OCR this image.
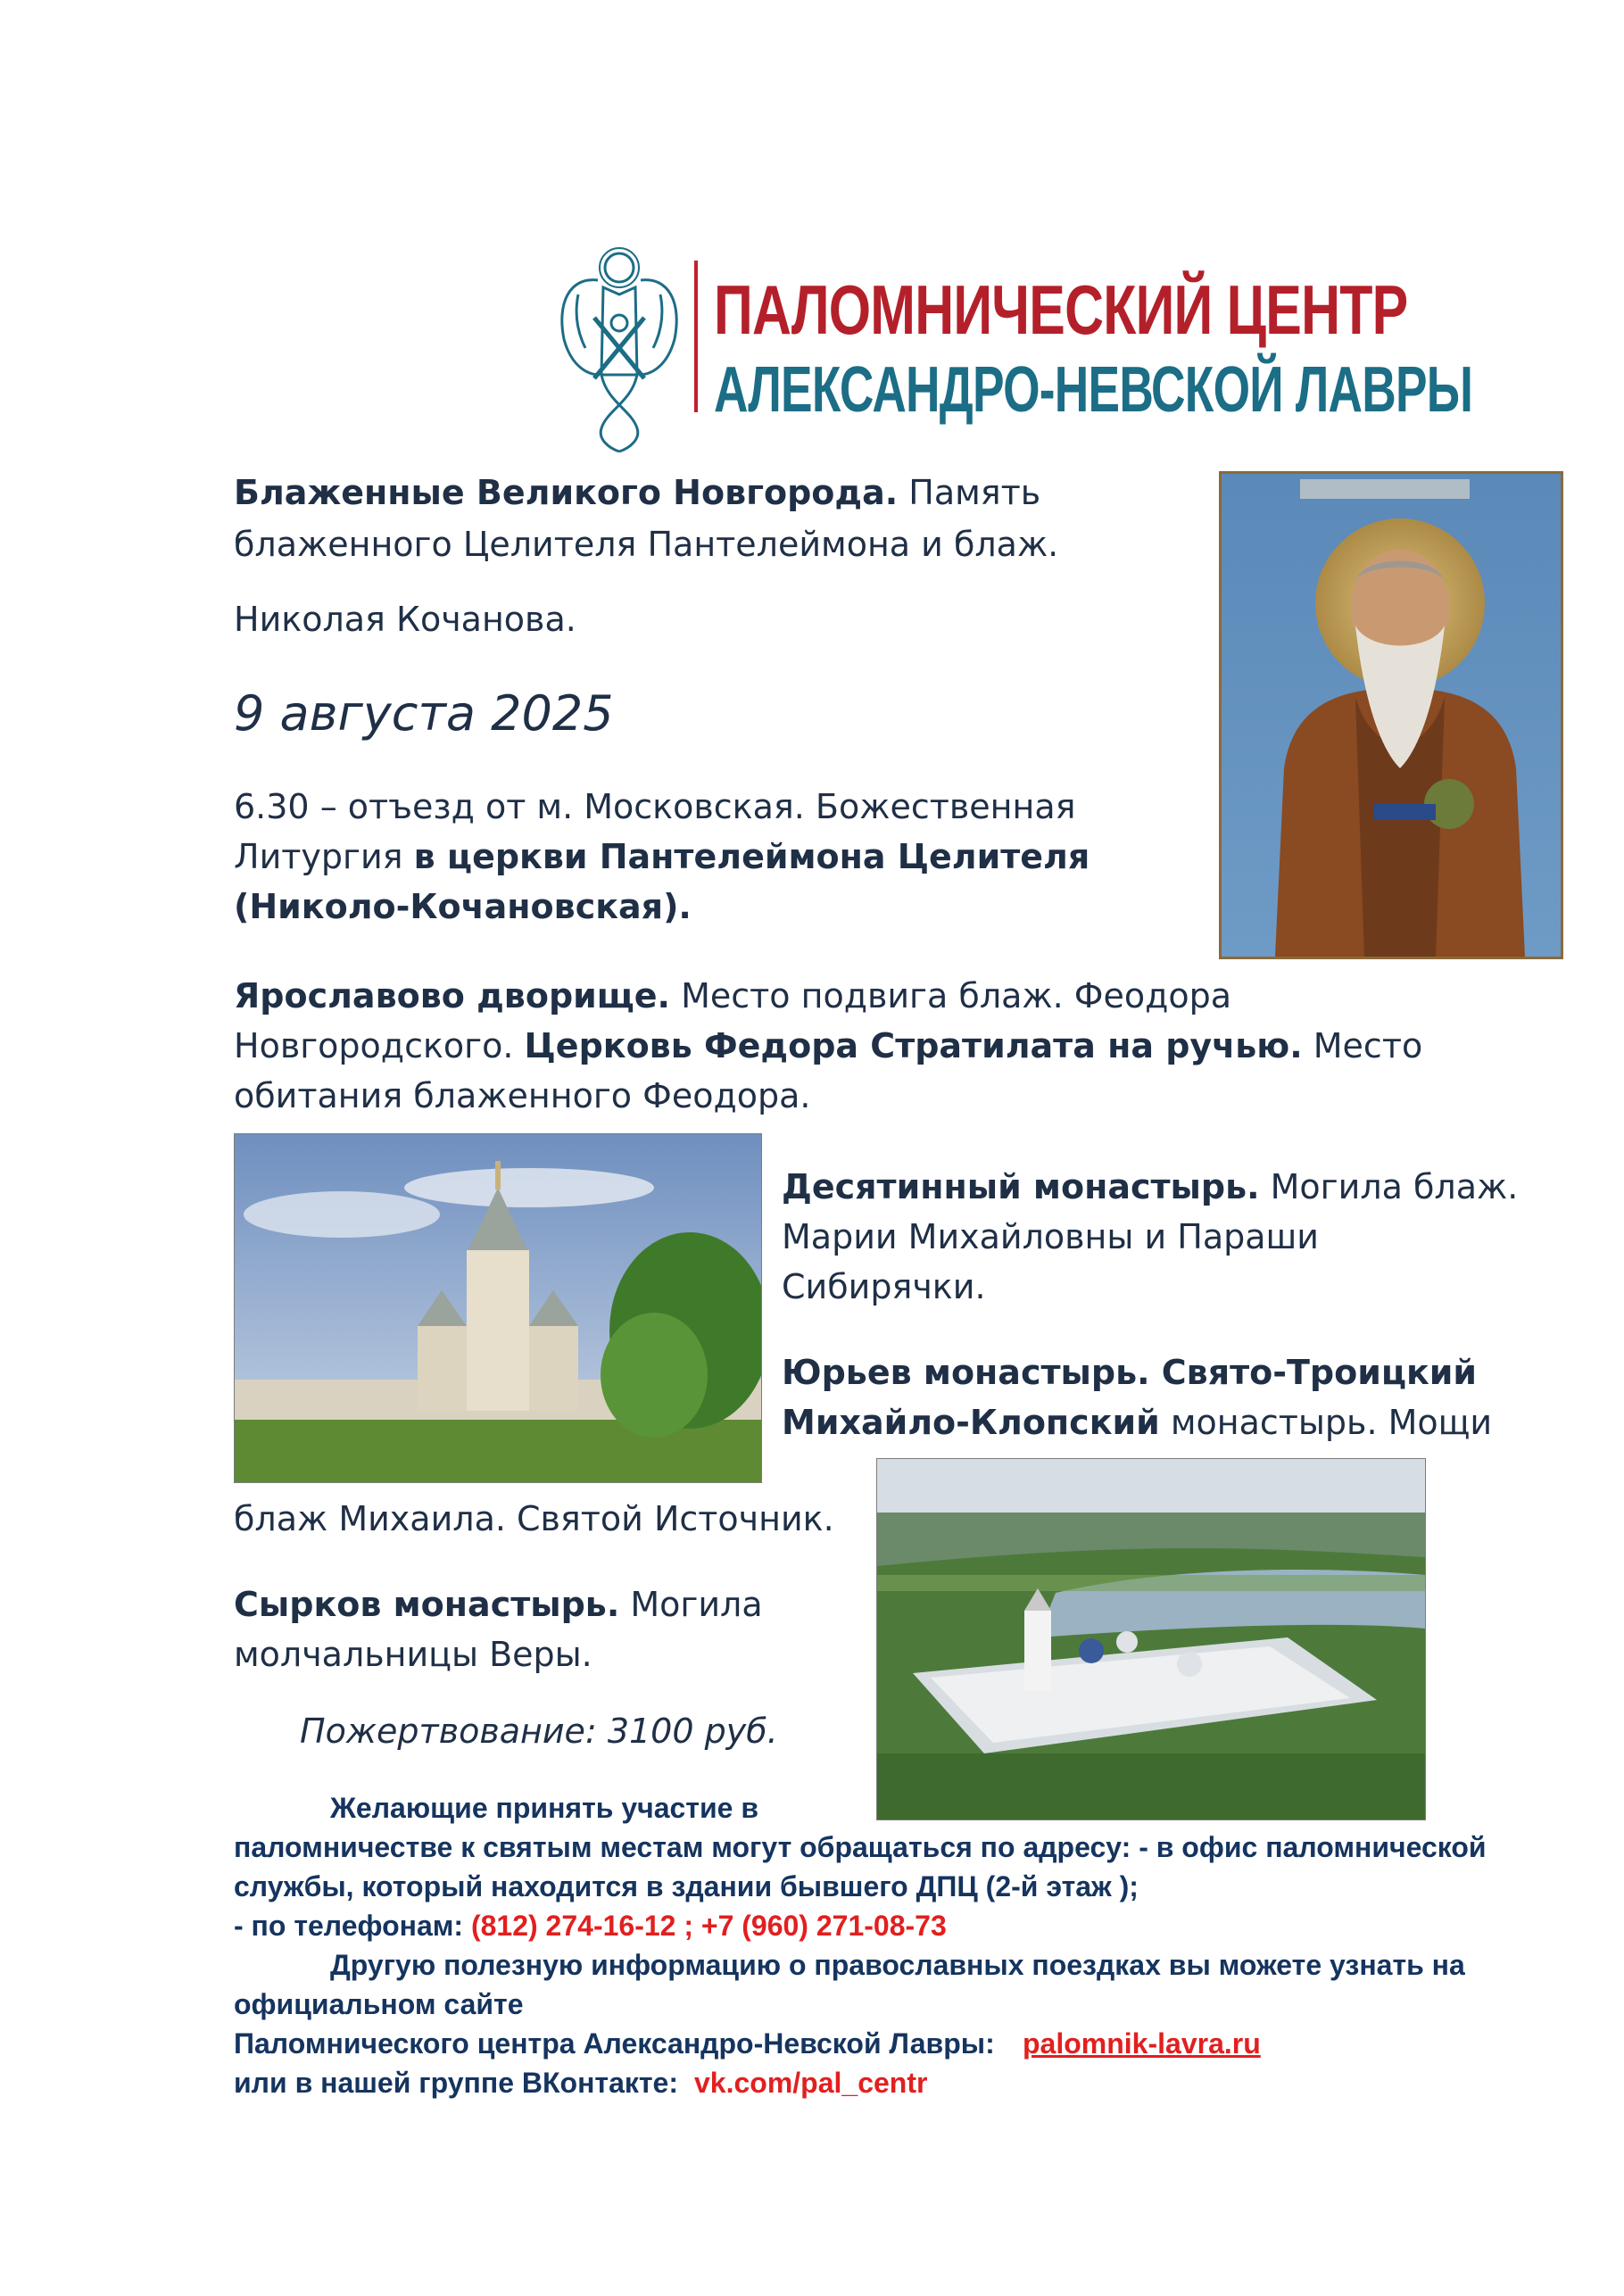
ПАЛОМНИЧЕСКИЙ ЦЕНТР
АЛЕКСАНДРО-НЕВСКОЙ ЛАВРЫ
Блаженные Великого Новгорода. Память
блаженного Целителя Пантелеймона и блаж.
Николая Кочанова.
9 августа 2025
6.30 – отъезд от м. Московская. Божественная
Литургия в церкви Пантелеймона Целителя
(Николо-Кочановская).
Ярославово дворище. Место подвига блаж. Феодора
Новгородского. Церковь Федора Стратилата на ручью. Место
обитания блаженного Феодора.
Десятинный монастырь. Могила блаж.
Марии Михайловны и Параши
Сибирячки.
Юрьев монастырь. Свято-Троицкий
Михайло-Клопский монастырь. Мощи
блаж Михаила. Святой Источник.
Сырков монастырь. Могила
молчальницы Веры.
Пожертвование: 3100 руб.
Желающие принять участие в
паломничестве к святым местам могут обращаться по адресу: - в офис паломнической
службы, который находится в здании бывшего ДПЦ (2-й этаж );
- по телефонам: (812) 274-16-12 ; +7 (960) 271-08-73
Другую полезную информацию о православных поездках вы можете узнать на
официальном сайте
Паломнического центра Александро-Невской Лавры: palomnik-lavra.ru
или в нашей группе ВКонтакте: vk.com/pal_centr
